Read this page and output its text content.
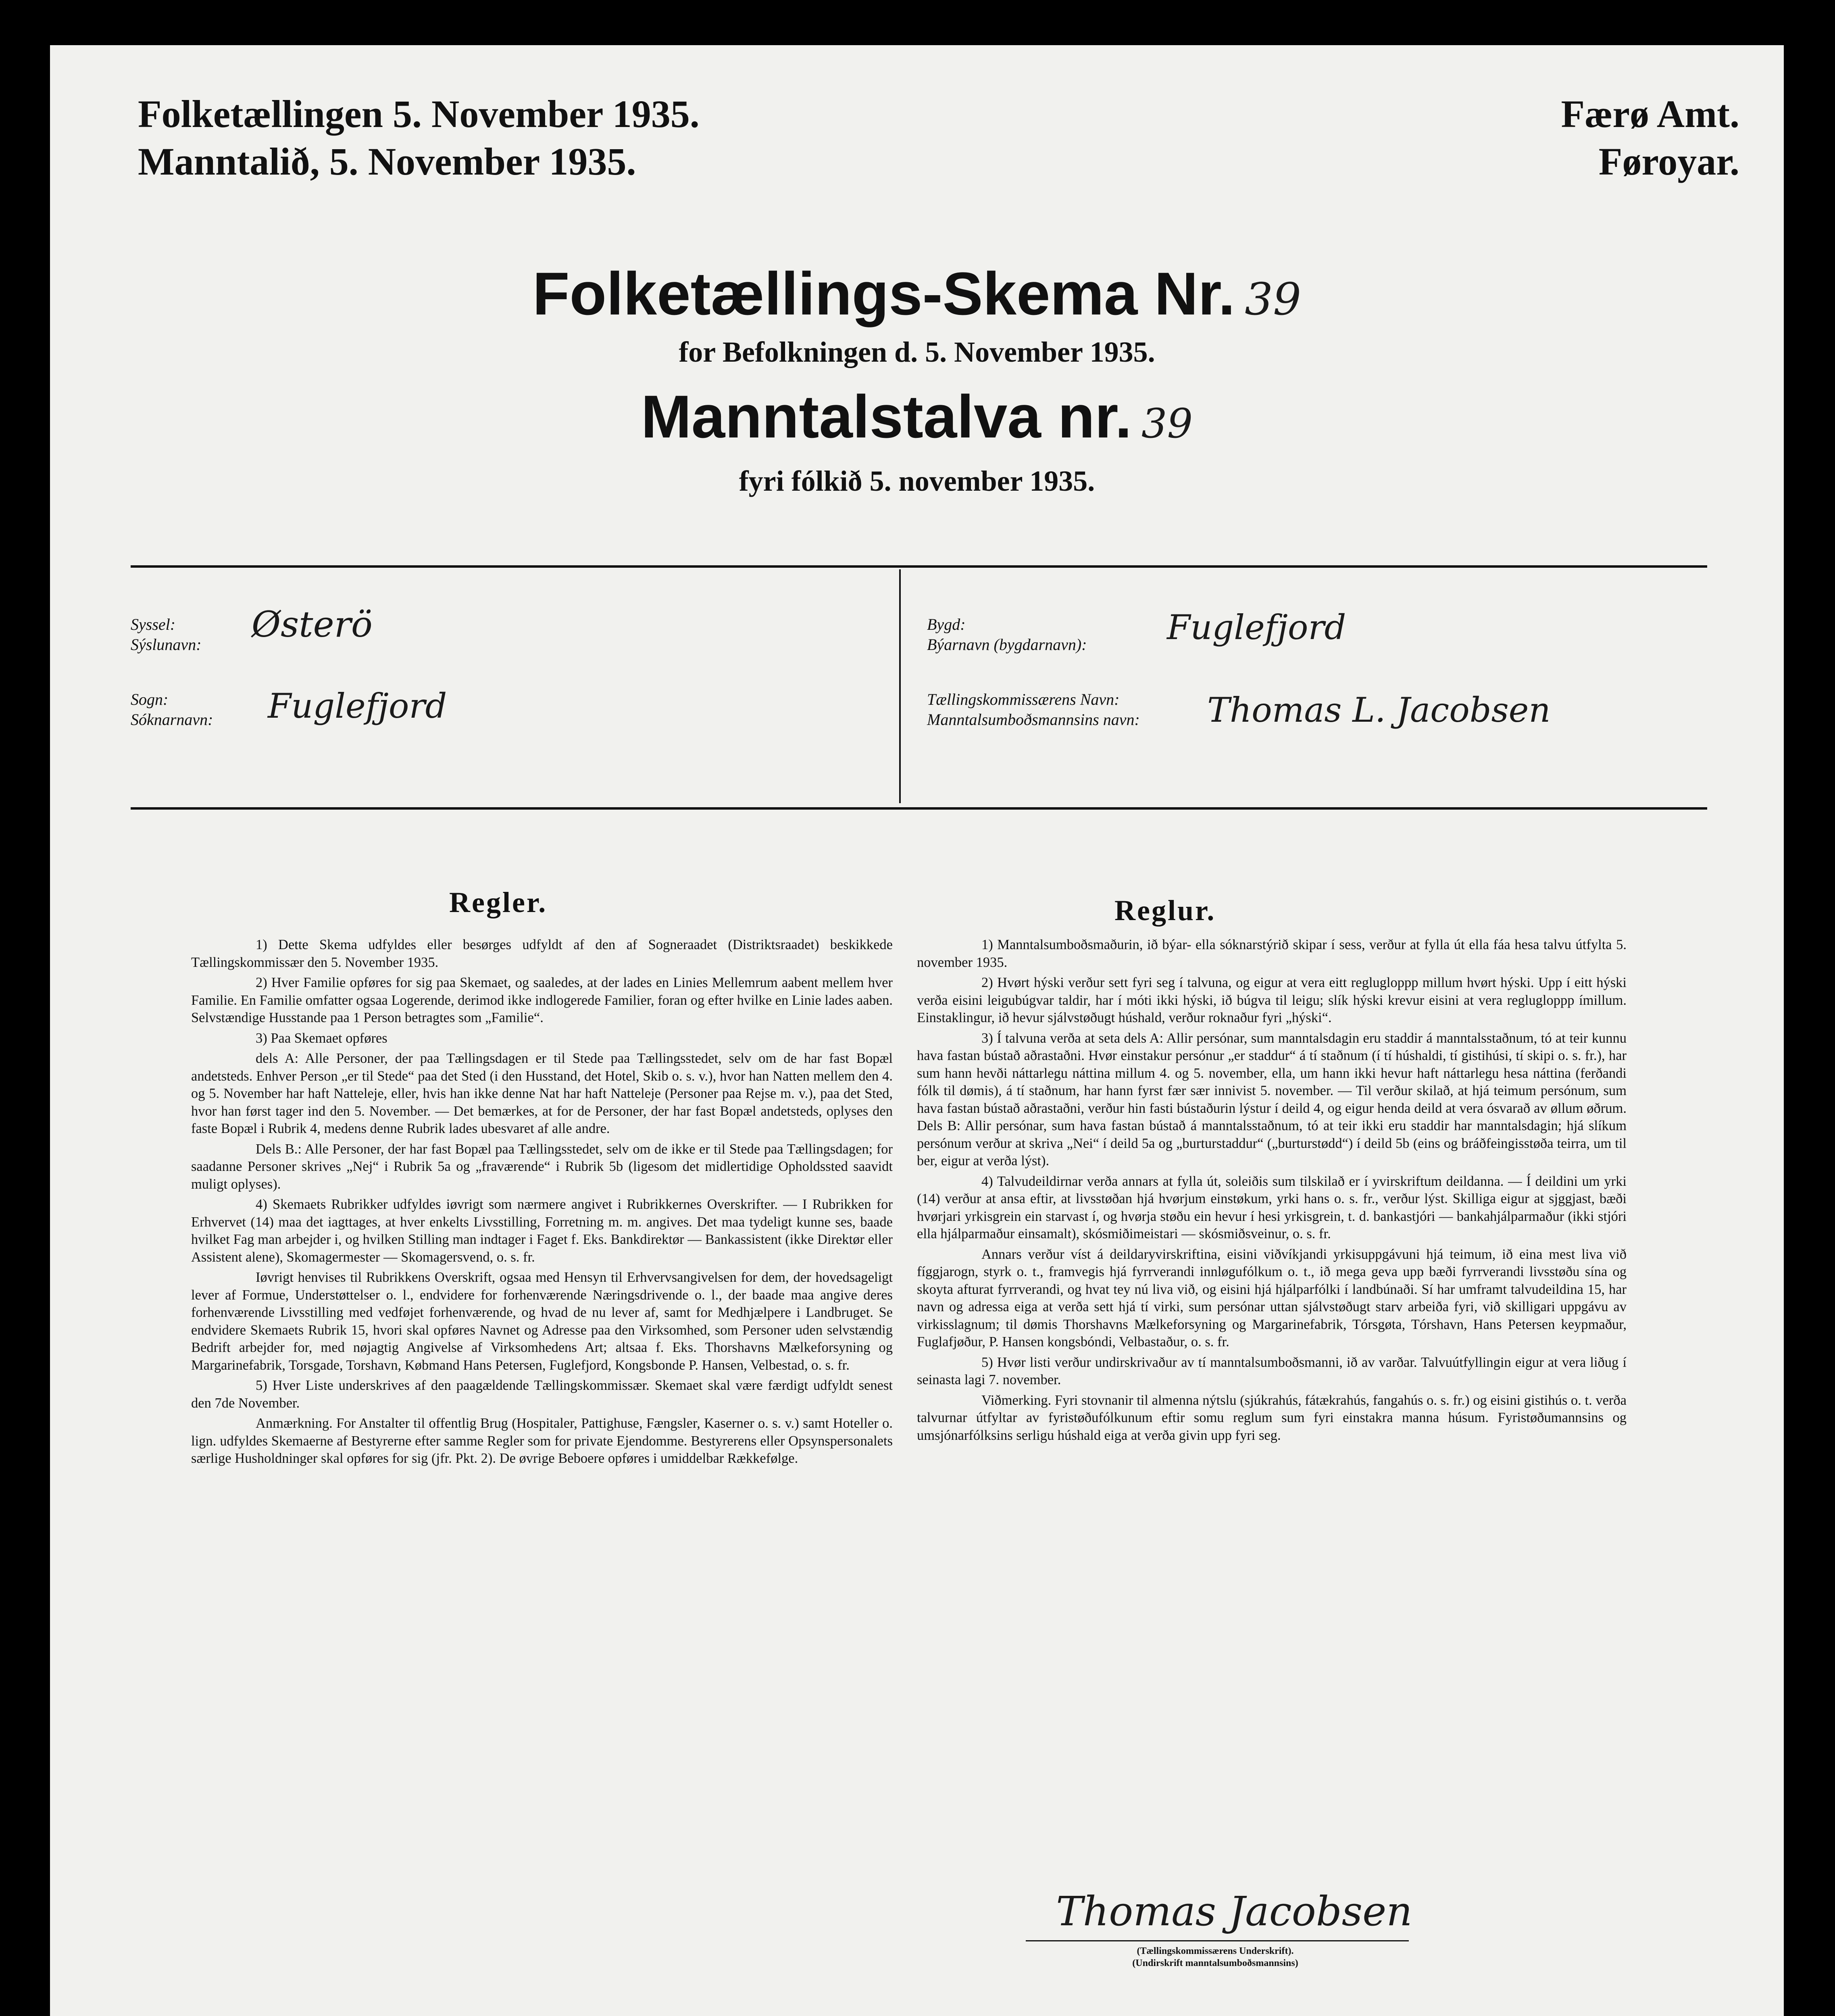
Folketællingen 5. November 1935.
Manntalið, 5. November 1935.
Færø Amt.
Føroyar.
Folketællings-Skema Nr. 39
for Befolkningen d. 5. November 1935.
Manntalstalva nr. 39
fyri fólkið 5. november 1935.
Syssel:
Sýslunavn: Østerö
Sogn:
Sóknarnavn: Fuglefjord
Bygd:
Býarnavn (bygdarnavn): Fuglefjord
Tællingskommissærens Navn:
Manntalsumboðsmannsins navn: Thomas L. Jacobsen
Regler.

1) Dette Skema udfyldes eller besørges udfyldt af den af Sogneraadet (Distriktsraadet) beskikkede Tællingskommissær den 5. November 1935.

2) Hver Familie opføres for sig paa Skemaet, og saaledes, at der lades en Linies Mellemrum aabent mellem hver Familie. En Familie omfatter ogsaa Logerende, derimod ikke indlogerede Familier, foran og efter hvilke en Linie lades aaben. Selvstændige Husstande paa 1 Person betragtes som „Familie“.

3) Paa Skemaet opføres

dels A: Alle Personer, der paa Tællingsdagen er til Stede paa Tællingsstedet, selv om de har fast Bopæl andetsteds. Enhver Person „er til Stede“ paa det Sted (i den Husstand, det Hotel, Skib o. s. v.), hvor han Natten mellem den 4. og 5. November har haft Natteleje, eller, hvis han ikke denne Nat har haft Natteleje (Personer paa Rejse m. v.), paa det Sted, hvor han først tager ind den 5. November. — Det bemærkes, at for de Personer, der har fast Bopæl andetsteds, oplyses den faste Bopæl i Rubrik 4, medens denne Rubrik lades ubesvaret af alle andre.

Dels B.: Alle Personer, der har fast Bopæl paa Tællingsstedet, selv om de ikke er til Stede paa Tællingsdagen; for saadanne Personer skrives „Nej“ i Rubrik 5a og „fraværende“ i Rubrik 5b (ligesom det midlertidige Opholdssted saavidt muligt oplyses).

4) Skemaets Rubrikker udfyldes iøvrigt som nærmere angivet i Rubrikkernes Overskrifter. — I Rubrikken for Erhvervet (14) maa det iagttages, at hver enkelts Livsstilling, Forretning m. m. angives. Det maa tydeligt kunne ses, baade hvilket Fag man arbejder i, og hvilken Stilling man indtager i Faget f. Eks. Bankdirektør — Bankassistent (ikke Direktør eller Assistent alene), Skomagermester — Skomagersvend, o. s. fr.

Iøvrigt henvises til Rubrikkens Overskrift, ogsaa med Hensyn til Erhvervsangivelsen for dem, der hovedsageligt lever af Formue, Understøttelser o. l., endvidere for forhenværende Næringsdrivende o. l., der baade maa angive deres forhenværende Livsstilling med vedføjet forhenværende, og hvad de nu lever af, samt for Medhjælpere i Landbruget. Se endvidere Skemaets Rubrik 15, hvori skal opføres Navnet og Adresse paa den Virksomhed, som Personer uden selvstændig Bedrift arbejder for, med nøjagtig Angivelse af Virksomhedens Art; altsaa f. Eks. Thorshavns Mælkeforsyning og Margarinefabrik, Torsgade, Torshavn, Købmand Hans Petersen, Fuglefjord, Kongsbonde P. Hansen, Velbestad, o. s. fr.

5) Hver Liste underskrives af den paagældende Tællingskommissær. Skemaet skal være færdigt udfyldt senest den 7de November.

Anmærkning. For Anstalter til offentlig Brug (Hospitaler, Pattighuse, Fængsler, Kaserner o. s. v.) samt Hoteller o. lign. udfyldes Skemaerne af Bestyrerne efter samme Regler som for private Ejendomme. Bestyrerens eller Opsynspersonalets særlige Husholdninger skal opføres for sig (jfr. Pkt. 2). De øvrige Beboere opføres i umiddelbar Rækkefølge.

Reglur.

1) Manntalsumboðsmaðurin, ið býar- ella sóknarstýrið skipar í sess, verður at fylla út ella fáa hesa talvu útfylta 5. november 1935.

2) Hvørt hýski verður sett fyri seg í talvuna, og eigur at vera eitt reglugloppp millum hvørt hýski. Upp í eitt hýski verða eisini leigubúgvar taldir, har í móti ikki hýski, ið búgva til leigu; slík hýski krevur eisini at vera reglugloppp ímillum. Einstaklingur, ið hevur sjálvstøðugt húshald, verður roknaður fyri „hýski“.

3) Í talvuna verða at seta dels A: Allir persónar, sum manntalsdagin eru staddir á manntalsstaðnum, tó at teir kunnu hava fastan bústað aðrastaðni. Hvør einstakur persónur „er staddur“ á tí staðnum (í tí húshaldi, tí gistihúsi, tí skipi o. s. fr.), har sum hann hevði náttarlegu náttina millum 4. og 5. november, ella, um hann ikki hevur haft náttarlegu hesa náttina (ferðandi fólk til dømis), á tí staðnum, har hann fyrst fær sær innivist 5. november. — Til verður skilað, at hjá teimum persónum, sum hava fastan bústað aðrastaðni, verður hin fasti bústaðurin lýstur í deild 4, og eigur henda deild at vera ósvarað av øllum øðrum. Dels B: Allir persónar, sum hava fastan bústað á manntalsstaðnum, tó at teir ikki eru staddir har manntalsdagin; hjá slíkum persónum verður at skriva „Nei“ í deild 5a og „burturstaddur“ („burturstødd“) í deild 5b (eins og bráðfeingisstøða teirra, um til ber, eigur at verða lýst).

4) Talvudeildirnar verða annars at fylla út, soleiðis sum tilskilað er í yvirskriftum deildanna. — Í deildini um yrki (14) verður at ansa eftir, at livsstøðan hjá hvørjum einstøkum, yrki hans o. s. fr., verður lýst. Skilliga eigur at sjggjast, bæði hvørjari yrkisgrein ein starvast í, og hvørja støðu ein hevur í hesi yrkisgrein, t. d. bankastjóri — bankahjálparmaður (ikki stjóri ella hjálparmaður einsamalt), skósmiðimeistari — skósmiðsveinur, o. s. fr.

Annars verður víst á deildaryvirskriftina, eisini viðvíkjandi yrkisuppgávuni hjá teimum, ið eina mest liva við fíggjarogn, styrk o. t., framvegis hjá fyrrverandi innløgufólkum o. t., ið mega geva upp bæði fyrrverandi livsstøðu sína og skoyta afturat fyrrverandi, og hvat tey nú liva við, og eisini hjá hjálparfólki í landbúnaði. Sí har umframt talvudeildina 15, har navn og adressa eiga at verða sett hjá tí virki, sum persónar uttan sjálvstøðugt starv arbeiða fyri, við skilligari uppgávu av virkisslagnum; til dømis Thorshavns Mælkeforsyning og Margarinefabrik, Tórsgøta, Tórshavn, Hans Petersen keypmaður, Fuglafjøður, P. Hansen kongsbóndi, Velbastaður, o. s. fr.

5) Hvør listi verður undirskrivaður av tí manntalsumboðsmanni, ið av varðar. Talvuútfyllingin eigur at vera liðug í seinasta lagi 7. november.

Viðmerking. Fyri stovnanir til almenna nýtslu (sjúkrahús, fátækrahús, fangahús o. s. fr.) og eisini gistihús o. t. verða talvurnar útfyltar av fyristøðufólkunum eftir somu reglum sum fyri einstakra manna húsum. Fyristøðumannsins og umsjónarfólksins serligu húshald eiga at verða givin upp fyri seg.

Thomas Jacobsen
(Tællingskommissærens Underskrift).
(Undirskrift manntalsumboðsmannsins)
